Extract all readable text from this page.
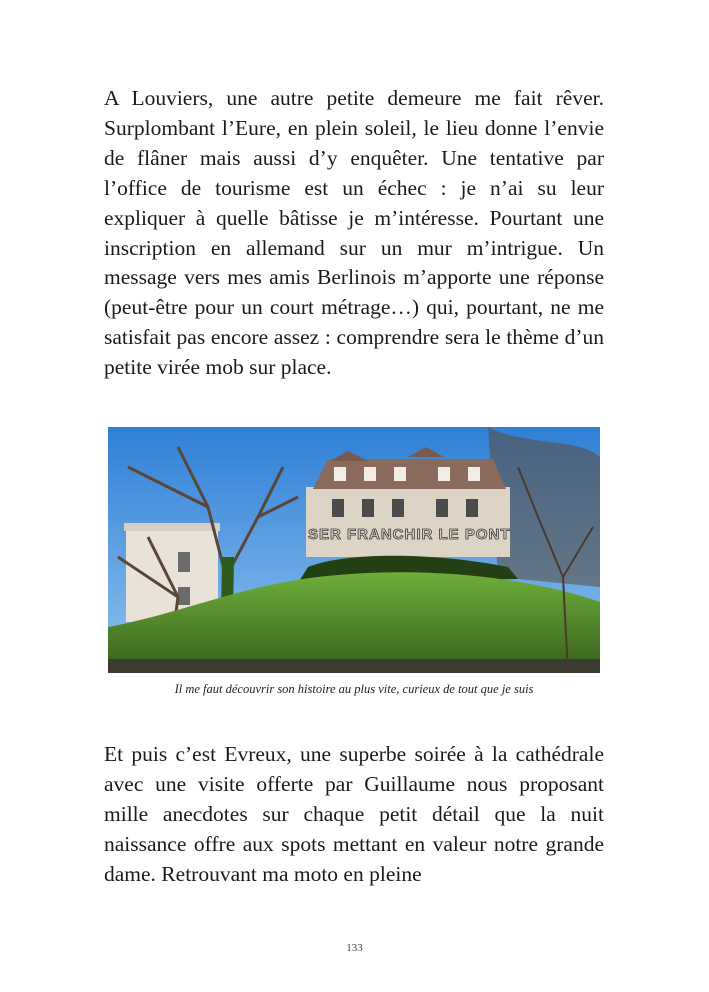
A Louviers, une autre petite demeure me fait rêver. Surplombant l’Eure, en plein soleil, le lieu donne l’envie de flâner mais aussi d’y enquêter. Une tentative par l’office de tourisme est un échec : je n’ai su leur expliquer à quelle bâtisse je m’intéresse. Pourtant une inscription en allemand sur un mur m’intrigue. Un message vers mes amis Berlinois m’apporte une réponse (peut-être pour un court métrage…) qui, pourtant, ne me satisfait pas encore assez : comprendre sera le thème d’un petite virée mob sur place.

SER FRANCHIR LE PONT

Il me faut découvrir son histoire au plus vite, curieux de tout que je suis

Et puis c’est Evreux, une superbe soirée à la cathédrale avec une visite offerte par Guillaume nous proposant mille anecdotes sur chaque petit détail que la nuit naissance offre aux spots mettant en valeur notre grande dame. Retrouvant ma moto en pleine

133
